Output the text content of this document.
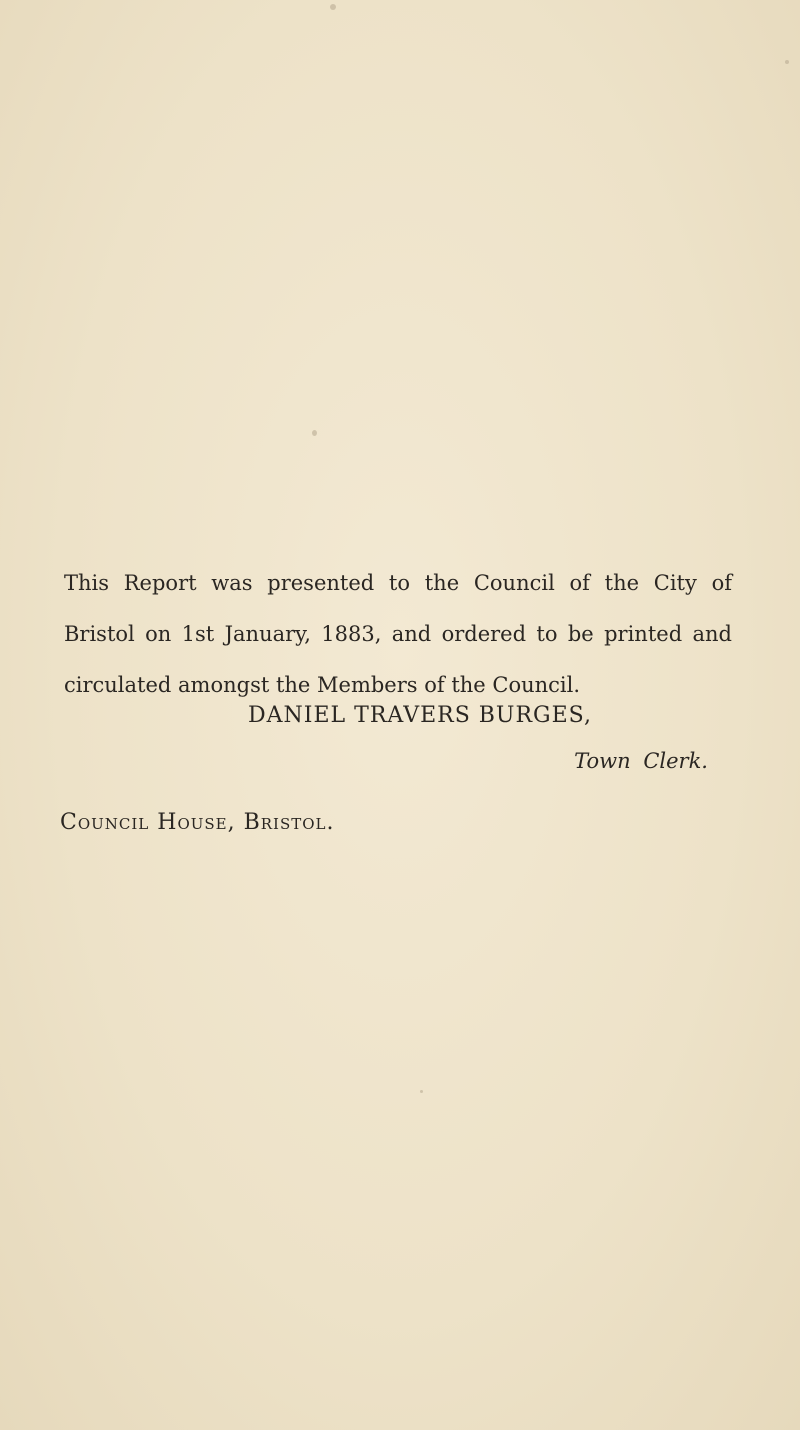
This Report was presented to the Council of the City of
Bristol on 1st January, 1883, and ordered to be printed and
circulated amongst the Members of the Council.

DANIEL TRAVERS BURGES,
Town Clerk.
Council House, Bristol.
